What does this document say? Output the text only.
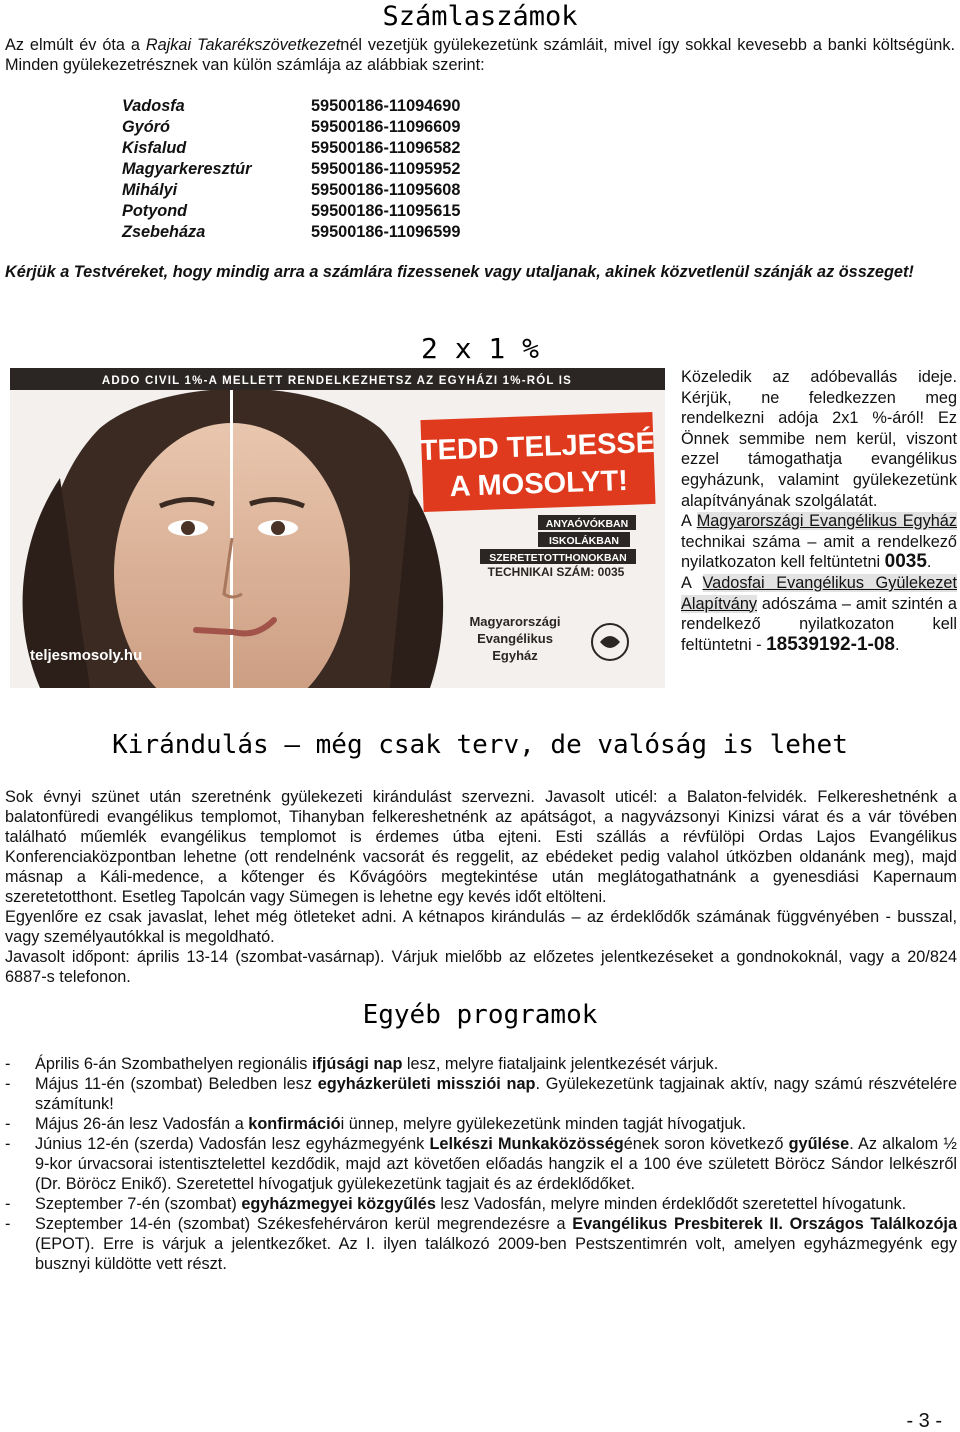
Számlaszámok
Az elmúlt év óta a Rajkai Takarékszövetkezetnél vezetjük gyülekezetünk számláit, mivel így sokkal kevesebb a banki költségünk. Minden gyülekezetrésznek van külön számlája az alábbiak szerint:
Vadosfa	59500186-11094690
Gyóró	59500186-11096609
Kisfalud	59500186-11096582
Magyarkeresztúr	59500186-11095952
Mihályi	59500186-11095608
Potyond	59500186-11095615
Zsebeháza	59500186-11096599
Kérjük a Testvéreket, hogy mindig arra a számlára fizessenek vagy utaljanak, akinek közvetlenül szánják az összeget!
2 x 1 %
ADDO CIVIL 1%-A MELLETT RENDELKEZHETSZ AZ EGYHÁZI 1%-RÓL IS
TEDD TELJESSÉ
A MOSOLYT!
ANYAÓVÓKBAN
ISKOLÁKBAN
SZERETETOTTHONOKBAN
TECHNIKAI SZÁM: 0035
Magyarországi
Evangélikus
Egyház
teljesmosoly.hu

Közeledik az adóbevallás ideje. Kérjük, ne feledkezzen meg rendelkezni adója 2x1 %-áról! Ez Önnek semmibe nem kerül, viszont ezzel támogathatja evangélikus egyházunk, valamint gyülekezetünk alapítványának szolgálatát.

A Magyarországi Evangélikus Egyház technikai száma – amit a rendelkező nyilatkozaton kell feltüntetni 0035.

A Vadosfai Evangélikus Gyülekezet Alapítvány adószáma – amit szintén a rendelkező nyilatkozaton kell feltüntetni - 18539192-1-08.

Kirándulás – még csak terv, de valóság is lehet

Sok évnyi szünet után szeretnénk gyülekezeti kirándulást szervezni. Javasolt uticél: a Balaton-felvidék. Felkereshetnénk a balatonfüredi evangélikus templomot, Tihanyban felkereshetnénk az apátságot, a nagyvázsonyi Kinizsi várat és a vár tövében található műemlék evangélikus templomot is érdemes útba ejteni. Esti szállás a révfülöpi Ordas Lajos Evangélikus Konferenciaközpontban lehetne (ott rendelnénk vacsorát és reggelit, az ebédeket pedig valahol útközben oldanánk meg), majd másnap a Káli-medence, a kőtenger és Kővágóörs megtekintése után meglátogathatnánk a gyenesdiási Kapernaum szeretetotthont. Esetleg Tapolcán vagy Sümegen is lehetne egy kevés időt eltölteni.

Egyenlőre ez csak javaslat, lehet még ötleteket adni. A kétnapos kirándulás – az érdeklődők számának függvényében - busszal, vagy személyautókkal is megoldható.

Javasolt időpont: április 13-14 (szombat-vasárnap). Várjuk mielőbb az előzetes jelentkezéseket a gondnokoknál, vagy a 20/824 6887-s telefonon.

Egyéb programok
- Április 6-án Szombathelyen regionális ifjúsági nap lesz, melyre fiataljaink jelentkezését várjuk.
- Május 11-én (szombat) Beledben lesz egyházkerületi missziói nap. Gyülekezetünk tagjainak aktív, nagy számú részvételére számítunk!
- Május 26-án lesz Vadosfán a konfirmációi ünnep, melyre gyülekezetünk minden tagját hívogatjuk.
- Június 12-én (szerda) Vadosfán lesz egyházmegyénk Lelkészi Munkaközösségének soron következő gyűlése. Az alkalom ½ 9-kor úrvacsorai istentisztelettel kezdődik, majd azt követően előadás hangzik el a 100 éve született Böröcz Sándor lelkészről (Dr. Böröcz Enikő). Szeretettel hívogatjuk gyülekezetünk tagjait és az érdeklődőket.
- Szeptember 7-én (szombat) egyházmegyei közgyűlés lesz Vadosfán, melyre minden érdeklődőt szeretettel hívogatunk.
- Szeptember 14-én (szombat) Székesfehérváron kerül megrendezésre a Evangélikus Presbiterek II. Országos Találkozója (EPOT). Erre is várjuk a jelentkezőket. Az I. ilyen találkozó 2009-ben Pestszentimrén volt, amelyen egyházmegyénk egy busznyi küldötte vett részt.
- 3 -
